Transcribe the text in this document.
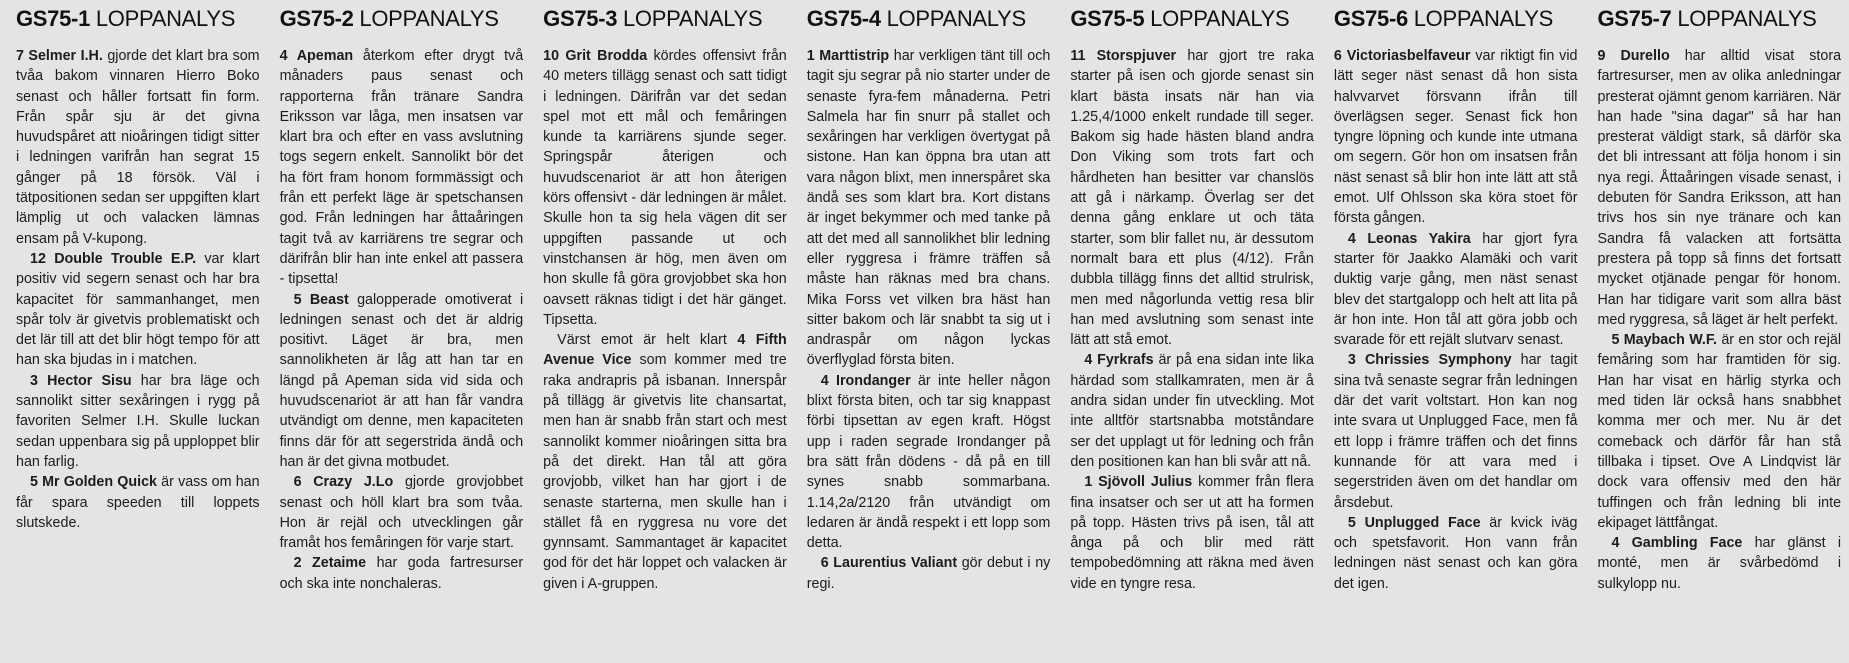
GS75-1 LOPPANALYS

7 Selmer I.H. gjorde det klart bra som tvåa bakom vinnaren Hierro Boko senast och håller fortsatt fin form. Från spår sju är det givna huvudspåret att nioåringen tidigt sitter i ledningen varifrån han segrat 15 gånger på 18 försök. Väl i tätpositionen sedan ser uppgiften klart lämplig ut och valacken lämnas ensam på V-kupong.

12 Double Trouble E.P. var klart positiv vid segern senast och har bra kapacitet för sammanhanget, men spår tolv är givetvis problematiskt och det lär till att det blir högt tempo för att han ska bjudas in i matchen.

3 Hector Sisu har bra läge och sannolikt sitter sexåringen i rygg på favoriten Selmer I.H. Skulle luckan sedan uppenbara sig på upploppet blir han farlig.

5 Mr Golden Quick är vass om han får spara speeden till loppets slutskede.

GS75-2 LOPPANALYS

4 Apeman återkom efter drygt två månaders paus senast och rapporterna från tränare Sandra Eriksson var låga, men insatsen var klart bra och efter en vass avslutning togs segern enkelt. Sannolikt bör det ha fört fram honom formmässigt och från ett perfekt läge är spetschansen god. Från ledningen har åttaåringen tagit två av karriärens tre segrar och därifrån blir han inte enkel att passera - tipsetta!

5 Beast galopperade omotiverat i ledningen senast och det är aldrig positivt. Läget är bra, men sannolikheten är låg att han tar en längd på Apeman sida vid sida och huvudscenariot är att han får vandra utvändigt om denne, men kapaciteten finns där för att segerstrida ändå och han är det givna motbudet.

6 Crazy J.Lo gjorde grovjobbet senast och höll klart bra som tvåa. Hon är rejäl och utvecklingen går framåt hos femåringen för varje start.

2 Zetaime har goda fartresurser och ska inte nonchaleras.

GS75-3 LOPPANALYS

10 Grit Brodda kördes offensivt från 40 meters tillägg senast och satt tidigt i ledningen. Därifrån var det sedan spel mot ett mål och femåringen kunde ta karriärens sjunde seger. Springspår återigen och huvudscenariot är att hon återigen körs offensivt - där ledningen är målet. Skulle hon ta sig hela vägen dit ser uppgiften passande ut och vinstchansen är hög, men även om hon skulle få göra grovjobbet ska hon oavsett räknas tidigt i det här gänget. Tipsetta.

Värst emot är helt klart 4 Fifth Avenue Vice som kommer med tre raka andrapris på isbanan. Innerspår på tillägg är givetvis lite chansartat, men han är snabb från start och mest sannolikt kommer nioåringen sitta bra på det direkt. Han tål att göra grovjobb, vilket han har gjort i de senaste starterna, men skulle han i stället få en ryggresa nu vore det gynnsamt. Sammantaget är kapacitet god för det här loppet och valacken är given i A-gruppen.

GS75-4 LOPPANALYS

1 Marttistrip har verkligen tänt till och tagit sju segrar på nio starter under de senaste fyra-fem månaderna. Petri Salmela har fin snurr på stallet och sexåringen har verkligen övertygat på sistone. Han kan öppna bra utan att vara någon blixt, men innerspåret ska ändå ses som klart bra. Kort distans är inget bekymmer och med tanke på att det med all sannolikhet blir ledning eller ryggresa i främre träffen så måste han räknas med bra chans. Mika Forss vet vilken bra häst han sitter bakom och lär snabbt ta sig ut i andraspår om någon lyckas överflyglad första biten.

4 Irondanger är inte heller någon blixt första biten, och tar sig knappast förbi tipsettan av egen kraft. Högst upp i raden segrade Irondanger på bra sätt från dödens - då på en till synes snabb sommarbana. 1.14,2a/2120 från utvändigt om ledaren är ändå respekt i ett lopp som detta.

6 Laurentius Valiant gör debut i ny regi.

GS75-5 LOPPANALYS

11 Storspjuver har gjort tre raka starter på isen och gjorde senast sin klart bästa insats när han via 1.25,4/1000 enkelt rundade till seger. Bakom sig hade hästen bland andra Don Viking som trots fart och hårdheten han besitter var chanslös att gå i närkamp. Överlag ser det denna gång enklare ut och täta starter, som blir fallet nu, är dessutom normalt bara ett plus (4/12). Från dubbla tillägg finns det alltid strulrisk, men med någorlunda vettig resa blir han med avslutning som senast inte lätt att stå emot.

4 Fyrkrafs är på ena sidan inte lika härdad som stallkamraten, men är å andra sidan under fin utveckling. Mot inte alltför startsnabba motståndare ser det upplagt ut för ledning och från den positionen kan han bli svår att nå.

1 Sjövoll Julius kommer från flera fina insatser och ser ut att ha formen på topp. Hästen trivs på isen, tål att ånga på och blir med rätt tempobedömning att räkna med även vide en tyngre resa.

GS75-6 LOPPANALYS

6 Victoriasbelfaveur var riktigt fin vid lätt seger näst senast då hon sista halvvarvet försvann ifrån till överlägsen seger. Senast fick hon tyngre löpning och kunde inte utmana om segern. Gör hon om insatsen från näst senast så blir hon inte lätt att stå emot. Ulf Ohlsson ska köra stoet för första gången.

4 Leonas Yakira har gjort fyra starter för Jaakko Alamäki och varit duktig varje gång, men näst senast blev det startgalopp och helt att lita på är hon inte. Hon tål att göra jobb och svarade för ett rejält slutvarv senast.

3 Chrissies Symphony har tagit sina två senaste segrar från ledningen där det varit voltstart. Hon kan nog inte svara ut Unplugged Face, men få ett lopp i främre träffen och det finns kunnande för att vara med i segerstriden även om det handlar om årsdebut.

5 Unplugged Face är kvick iväg och spetsfavorit. Hon vann från ledningen näst senast och kan göra det igen.

GS75-7 LOPPANALYS

9 Durello har alltid visat stora fartresurser, men av olika anledningar presterat ojämnt genom karriären. När han hade "sina dagar" så har han presterat väldigt stark, så därför ska det bli intressant att följa honom i sin nya regi. Åttaåringen visade senast, i debuten för Sandra Eriksson, att han trivs hos sin nye tränare och kan Sandra få valacken att fortsätta prestera på topp så finns det fortsatt mycket otjänade pengar för honom. Han har tidigare varit som allra bäst med ryggresa, så läget är helt perfekt.

5 Maybach W.F. är en stor och rejäl femåring som har framtiden för sig. Han har visat en härlig styrka och med tiden lär också hans snabbhet komma mer och mer. Nu är det comeback och därför får han stå tillbaka i tipset. Ove A Lindqvist lär dock vara offensiv med den här tuffingen och från ledning bli inte ekipaget lättfångat.

4 Gambling Face har glänst i monté, men är svårbedömd i sulkylopp nu.
